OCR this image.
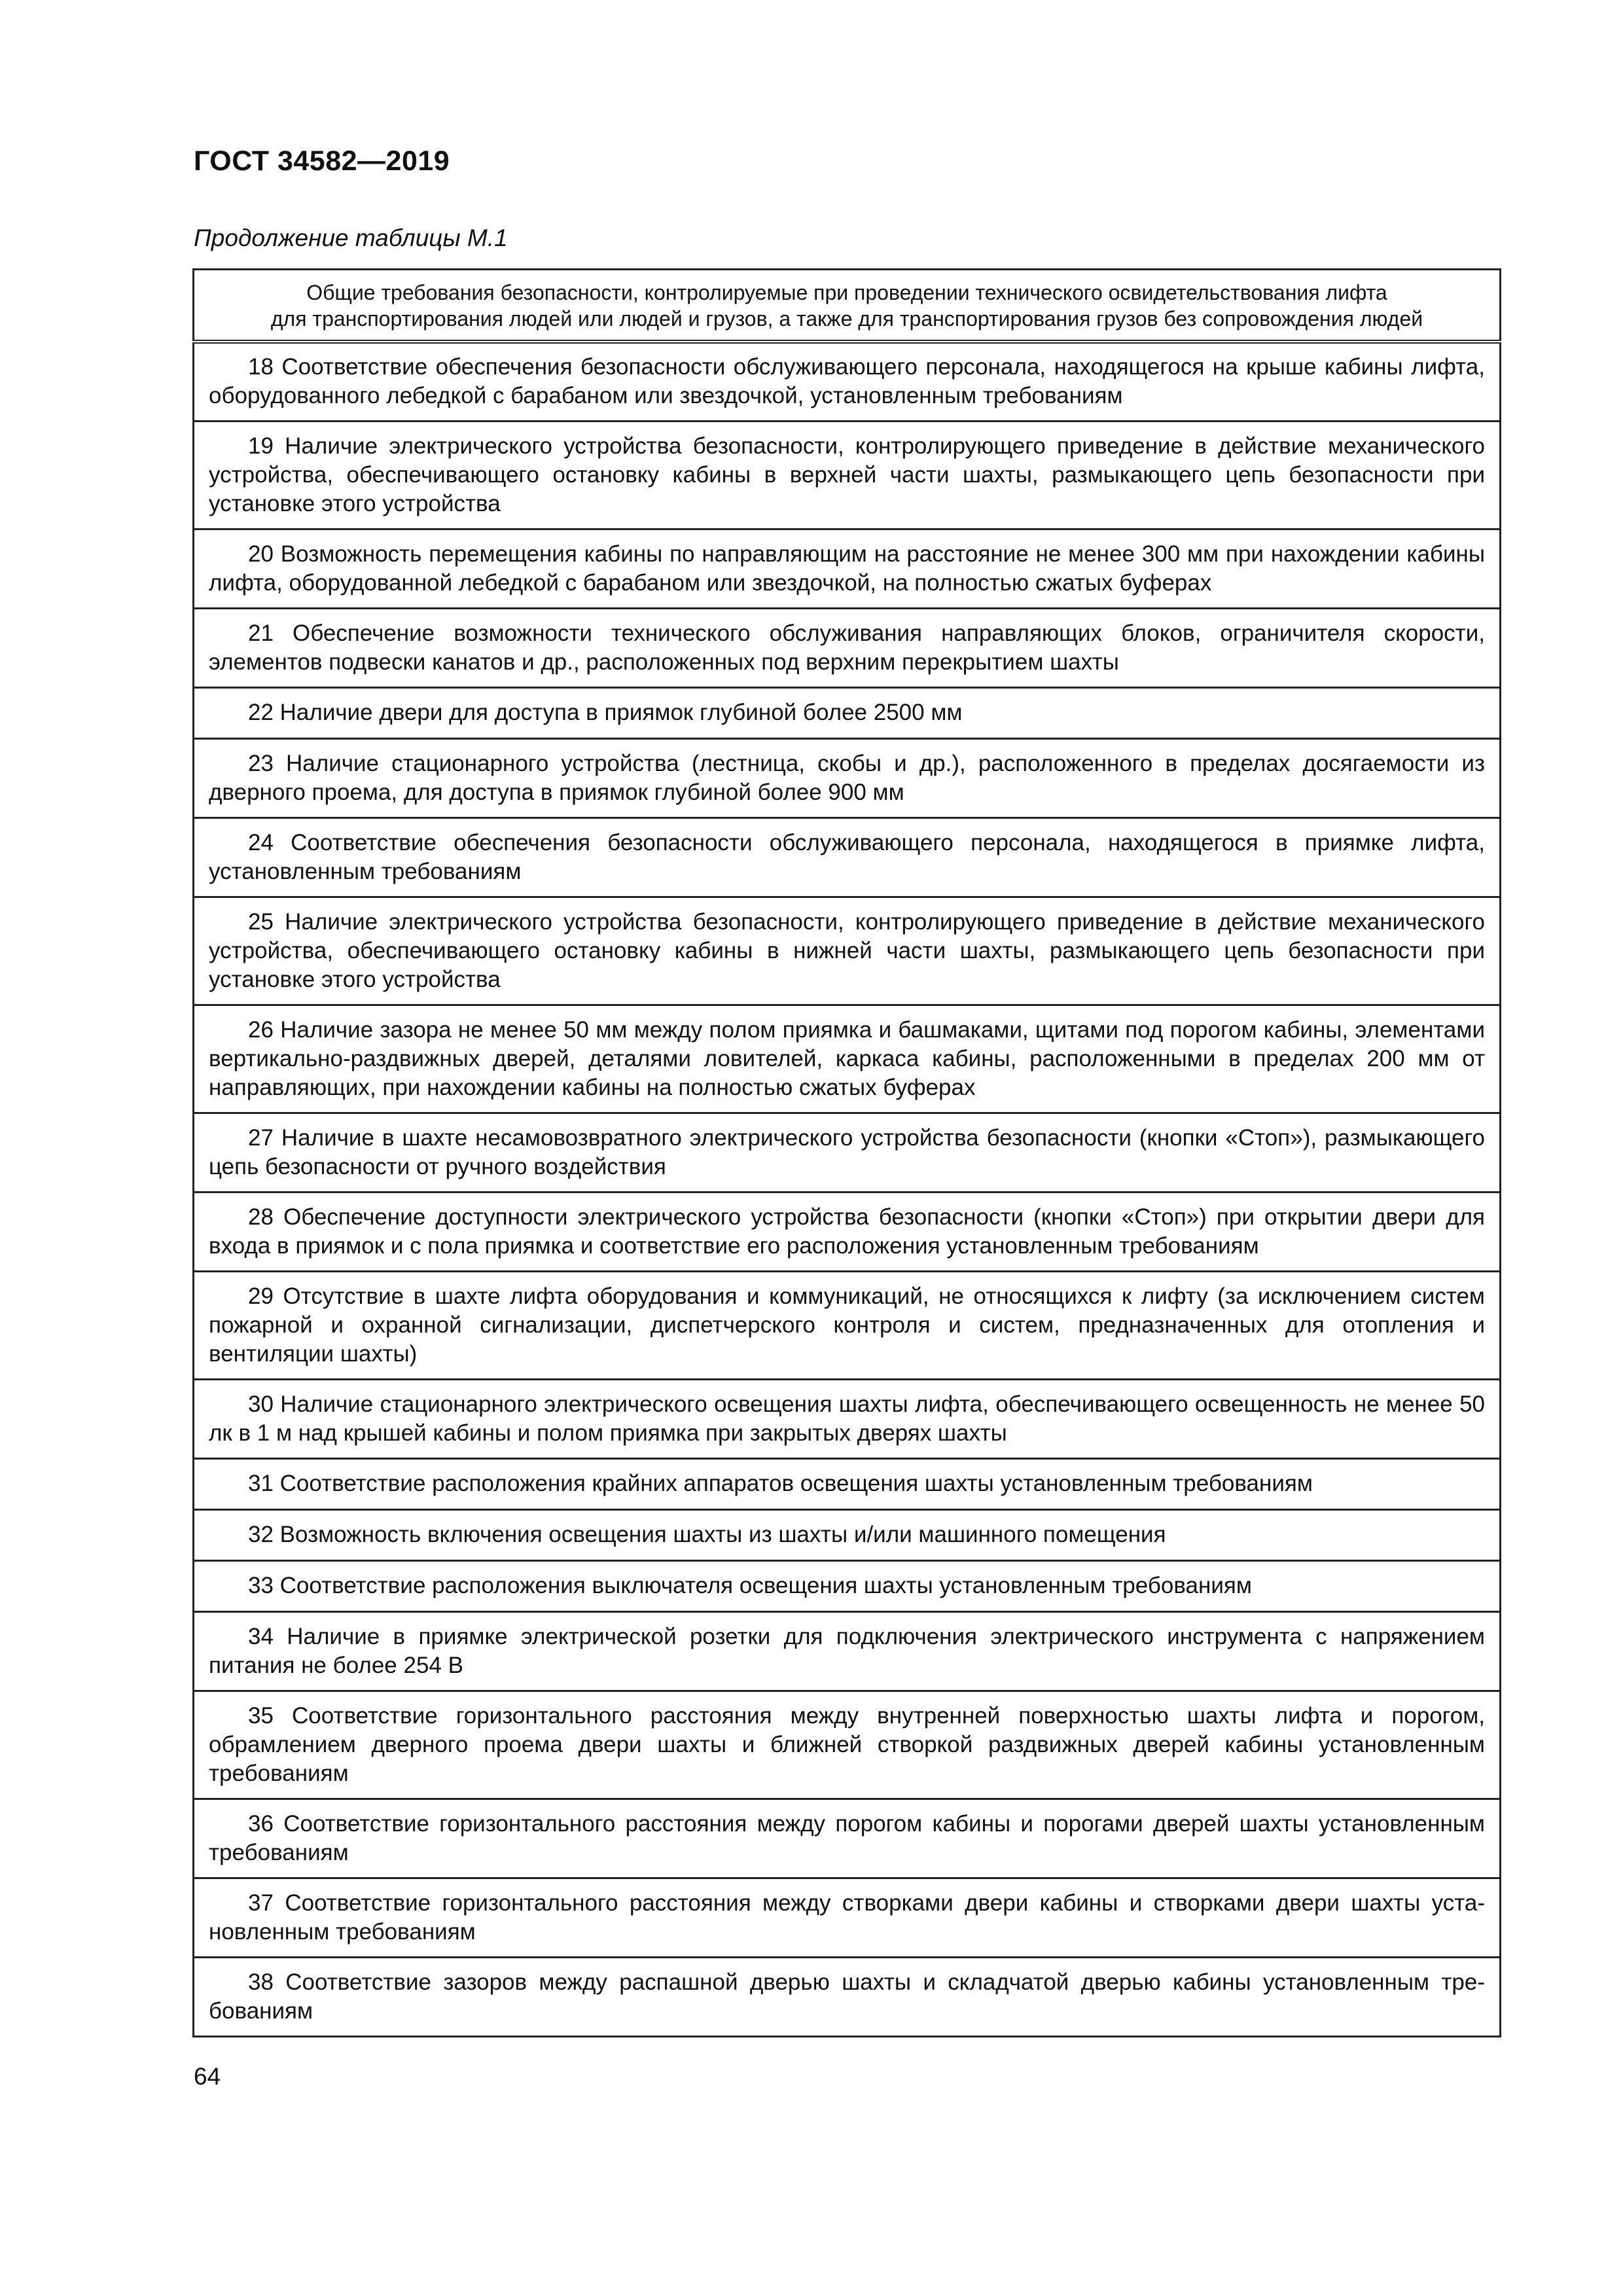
ГОСТ 34582—2019
Продолжение таблицы М.1
Общие требования безопасности, контролируемые при проведении технического освидетельствования лифта
для транспортирования людей или людей и грузов, а также для транспортирования грузов без сопровождения людей

18 Соответствие обеспечения безопасности обслуживающего персонала, находящегося на крыше кабины лифта, оборудованного лебедкой с барабаном или звездочкой, установленным требованиям
19 Наличие электрического устройства безопасности, контролирующего приведение в действие механического устройства, обеспечивающего остановку кабины в верхней части шахты, размыкающего цепь безопасности при установке этого устройства
20 Возможность перемещения кабины по направляющим на расстояние не менее 300 мм при нахождении кабины лифта, оборудованной лебедкой с барабаном или звездочкой, на полностью сжатых буферах
21 Обеспечение возможности технического обслуживания направляющих блоков, ограничителя скорости, элементов подвески канатов и др., расположенных под верхним перекрытием шахты
22 Наличие двери для доступа в приямок глубиной более 2500 мм
23 Наличие стационарного устройства (лестница, скобы и др.), расположенного в пределах досягаемости из дверного проема, для доступа в приямок глубиной более 900 мм
24 Соответствие обеспечения безопасности обслуживающего персонала, находящегося в приямке лифта, установленным требованиям
25 Наличие электрического устройства безопасности, контролирующего приведение в действие механического устройства, обеспечивающего остановку кабины в нижней части шахты, размыкающего цепь безопасности при установке этого устройства
26 Наличие зазора не менее 50 мм между полом приямка и башмаками, щитами под порогом кабины, элементами вертикально-раздвижных дверей, деталями ловителей, каркаса кабины, расположенными в пределах 200 мм от направляющих, при нахождении кабины на полностью сжатых буферах
27 Наличие в шахте несамовозвратного электрического устройства безопасности (кнопки «Стоп»), размыкающего цепь безопасности от ручного воздействия
28 Обеспечение доступности электрического устройства безопасности (кнопки «Стоп») при открытии двери для входа в приямок и с пола приямка и соответствие его расположения установленным требованиям
29 Отсутствие в шахте лифта оборудования и коммуникаций, не относящихся к лифту (за исключением систем пожарной и охранной сигнализации, диспетчерского контроля и систем, предназначенных для отопления и вентиляции шахты)
30 Наличие стационарного электрического освещения шахты лифта, обеспечивающего освещенность не менее 50 лк в 1 м над крышей кабины и полом приямка при закрытых дверях шахты
31 Соответствие расположения крайних аппаратов освещения шахты установленным требованиям
32 Возможность включения освещения шахты из шахты и/или машинного помещения
33 Соответствие расположения выключателя освещения шахты установленным требованиям
34 Наличие в приямке электрической розетки для подключения электрического инструмента с напряжением питания не более 254 В
35 Соответствие горизонтального расстояния между внутренней поверхностью шахты лифта и порогом, обрамлением дверного проема двери шахты и ближней створкой раздвижных дверей кабины установленным требованиям
36 Соответствие горизонтального расстояния между порогом кабины и порогами дверей шахты установленным требованиям
37 Соответствие горизонтального расстояния между створками двери кабины и створками двери шахты установленным требованиям
38 Соответствие зазоров между распашной дверью шахты и складчатой дверью кабины установленным требованиям
64
